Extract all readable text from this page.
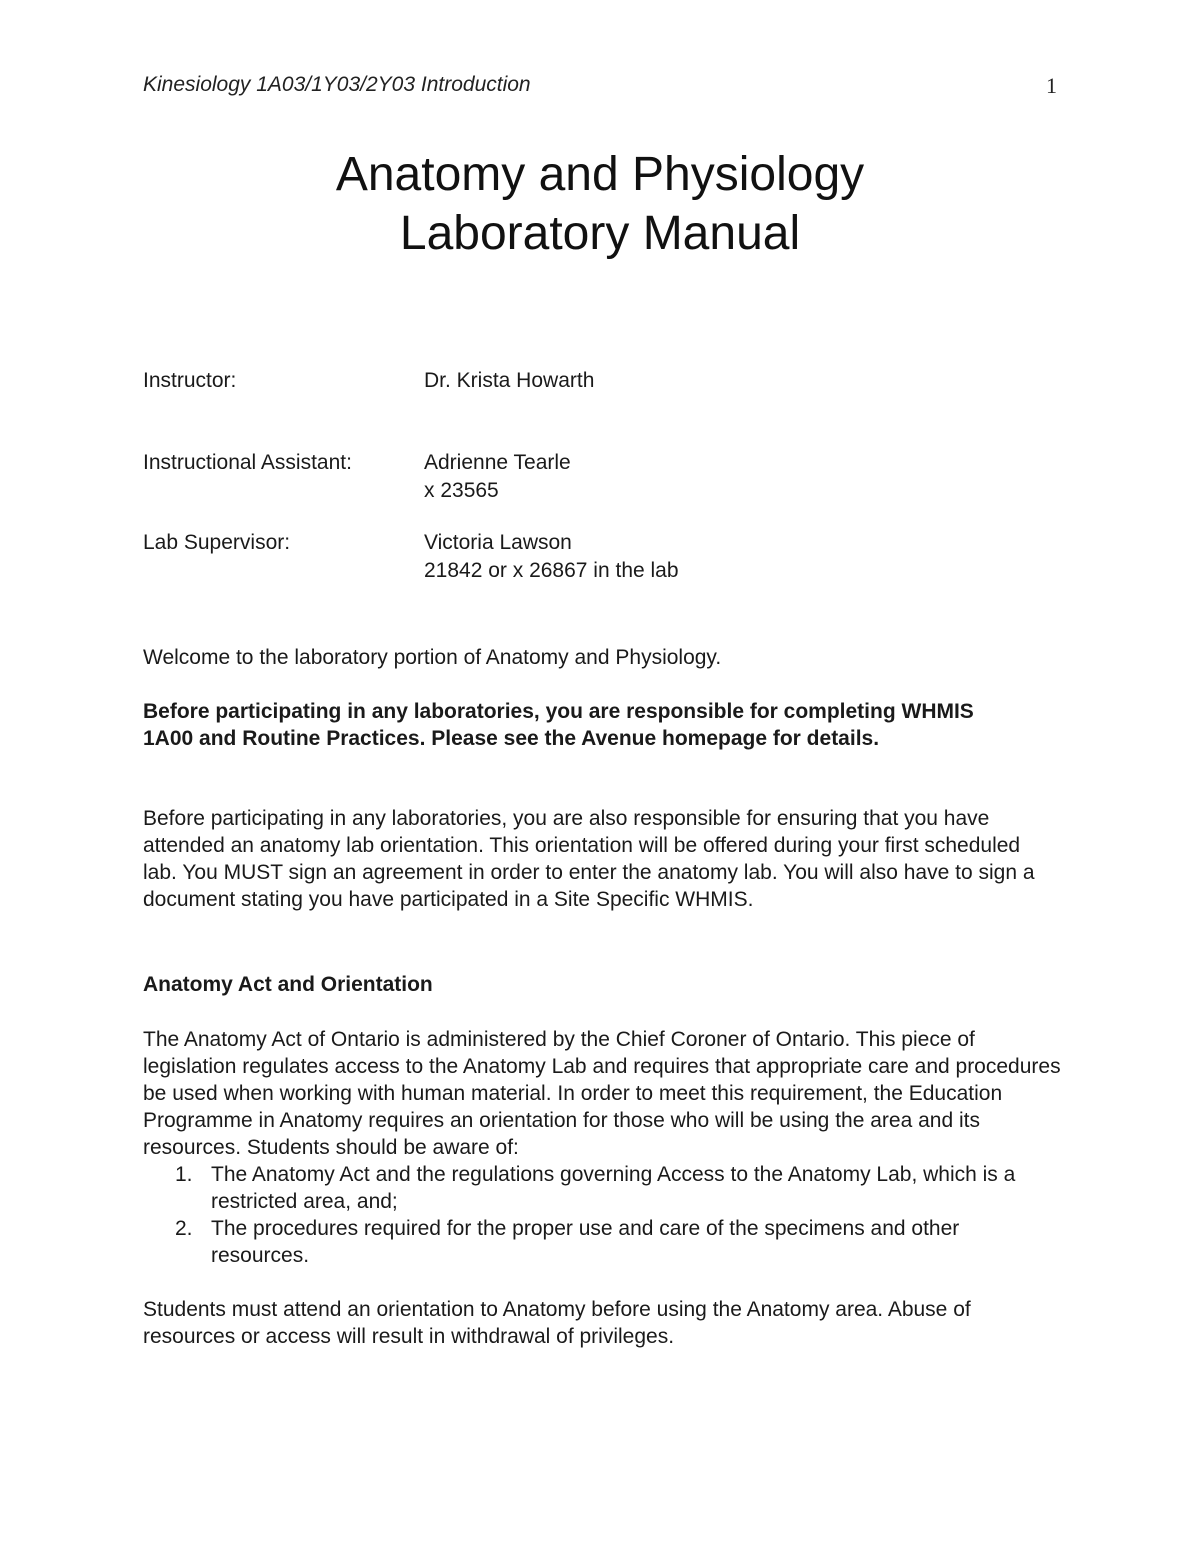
Kinesiology 1A03/1Y03/2Y03 Introduction	1
Anatomy and Physiology
Laboratory Manual
Instructor:	Dr. Krista Howarth
Instructional Assistant:	Adrienne Tearle
x 23565
Lab Supervisor:	Victoria Lawson
21842 or x 26867 in the lab

Welcome to the laboratory portion of Anatomy and Physiology.

Before participating in any laboratories, you are responsible for completing WHMIS 1A00 and Routine Practices. Please see the Avenue homepage for details.

Before participating in any laboratories, you are also responsible for ensuring that you have attended an anatomy lab orientation. This orientation will be offered during your first scheduled lab. You MUST sign an agreement in order to enter the anatomy lab. You will also have to sign a document stating you have participated in a Site Specific WHMIS.

Anatomy Act and Orientation

The Anatomy Act of Ontario is administered by the Chief Coroner of Ontario. This piece of legislation regulates access to the Anatomy Lab and requires that appropriate care and procedures be used when working with human material. In order to meet this requirement, the Education Programme in Anatomy requires an orientation for those who will be using the area and its resources. Students should be aware of:

1. The Anatomy Act and the regulations governing Access to the Anatomy Lab, which is a restricted area, and;
2. The procedures required for the proper use and care of the specimens and other resources.

Students must attend an orientation to Anatomy before using the Anatomy area. Abuse of resources or access will result in withdrawal of privileges.
